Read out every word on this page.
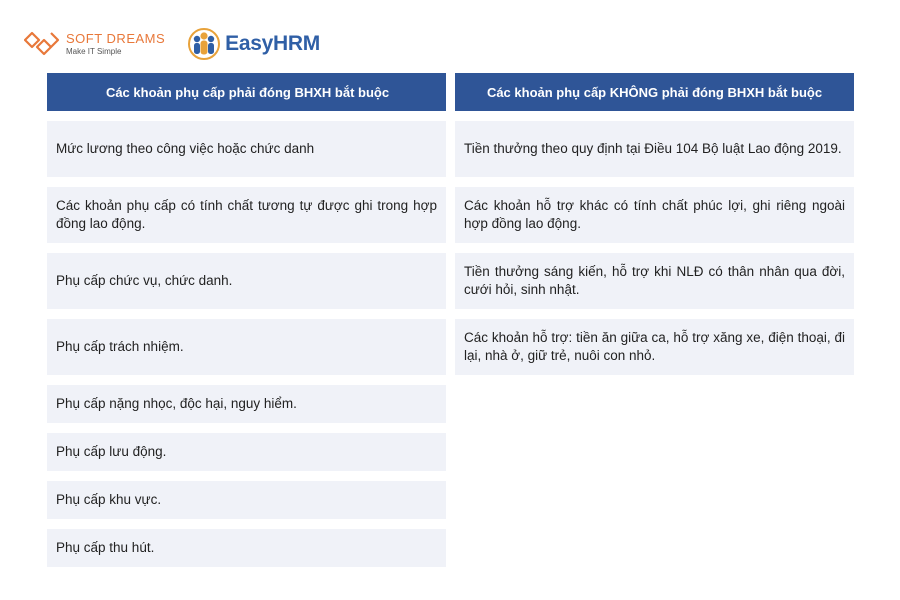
SOFT DREAMS
Make IT Simple	EasyHRM
Các khoản phụ cấp phải đóng BHXH bắt buộc
Mức lương theo công việc hoặc chức danh
Các khoản phụ cấp có tính chất tương tự được ghi trong hợp đồng lao động.
Phụ cấp chức vụ, chức danh.
Phụ cấp trách nhiệm.
Phụ cấp nặng nhọc, độc hại, nguy hiểm.
Phụ cấp lưu động.
Phụ cấp khu vực.
Phụ cấp thu hút.
Các khoản phụ cấp KHÔNG phải đóng BHXH bắt buộc
Tiền thưởng theo quy định tại Điều 104 Bộ luật Lao động 2019.
Các khoản hỗ trợ khác có tính chất phúc lợi, ghi riêng ngoài hợp đồng lao động.
Tiền thưởng sáng kiến, hỗ trợ khi NLĐ có thân nhân qua đời, cưới hỏi, sinh nhật.
Các khoản hỗ trợ: tiền ăn giữa ca, hỗ trợ xăng xe, điện thoại, đi lại, nhà ở, giữ trẻ, nuôi con nhỏ.
